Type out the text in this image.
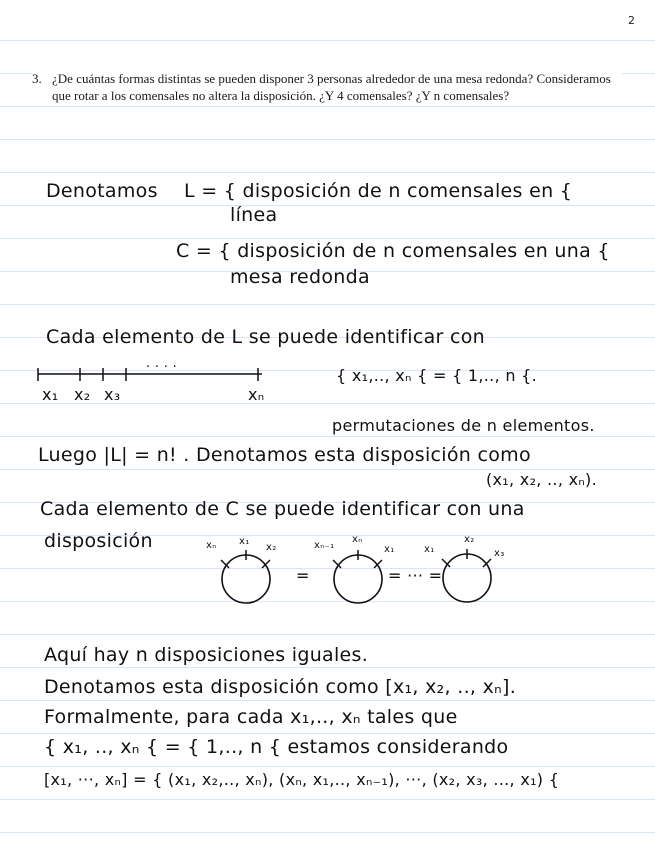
2
3. ¿De cuántas formas distintas se pueden disponer 3 personas alrededor de una mesa redonda? Consideramos que rotar a los comensales no altera la disposición. ¿Y 4 comensales? ¿Y n comensales?
Denotamos L = { disposición de n comensales en {
línea
C = { disposición de n comensales en una {
mesa redonda
Cada elemento de L se puede identificar con
· · · ·
x₁ x₂ x₃	xₙ
{ x₁,.., xₙ { = { 1,.., n {.
permutaciones de n elementos.
Luego |L| = n! . Denotamos esta disposición como
(x₁, x₂, .., xₙ).
Cada elemento de C se puede identificar con una
disposición	xₙ x₁
x₂
=
xₙ₋₁
xₙ
x₁
= ··· =
x₁
x₂
x₃
Aquí hay n disposiciones iguales.
Denotamos esta disposición como [x₁, x₂, .., xₙ].
Formalmente, para cada x₁,.., xₙ tales que
{ x₁, .., xₙ { = { 1,.., n { estamos considerando
[x₁, ···, xₙ] = { (x₁, x₂,.., xₙ), (xₙ, x₁,.., xₙ₋₁), ···, (x₂, x₃, ..., x₁) {
